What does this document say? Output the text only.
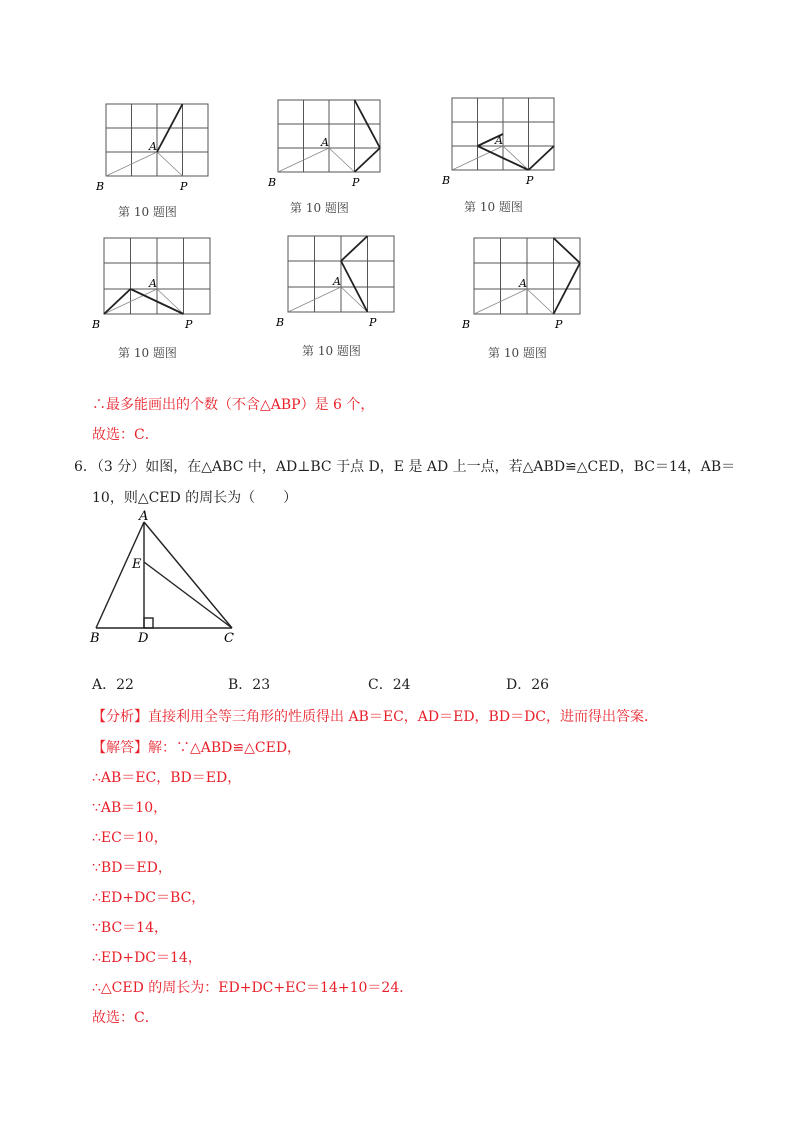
A
B	P
第 10 题图
A
B	P
第 10 题图
A
B	P
第 10 题图
A
B	P
第 10 题图
A
B	P
第 10 题图
A
B	P
第 10 题图
∴最多能画出的个数（不含△ABP）是 6 个，
故选：C．
6．（3 分）如图，在△ABC 中，AD⊥BC 于点 D，E 是 AD 上一点，若△ABD≌△CED，BC＝14，AB＝
10，则△CED 的周长为（　　）
A
E
B	D	C
A．22	B．23	C．24	D．26
【分析】直接利用全等三角形的性质得出 AB＝EC，AD＝ED，BD＝DC，进而得出答案．
【解答】解：∵△ABD≌△CED，
∴AB＝EC，BD＝ED，
∵AB＝10，
∴EC＝10，
∵BD＝ED，
∴ED+DC＝BC，
∵BC＝14，
∴ED+DC＝14，
∴△CED 的周长为：ED+DC+EC＝14+10＝24．
故选：C．
